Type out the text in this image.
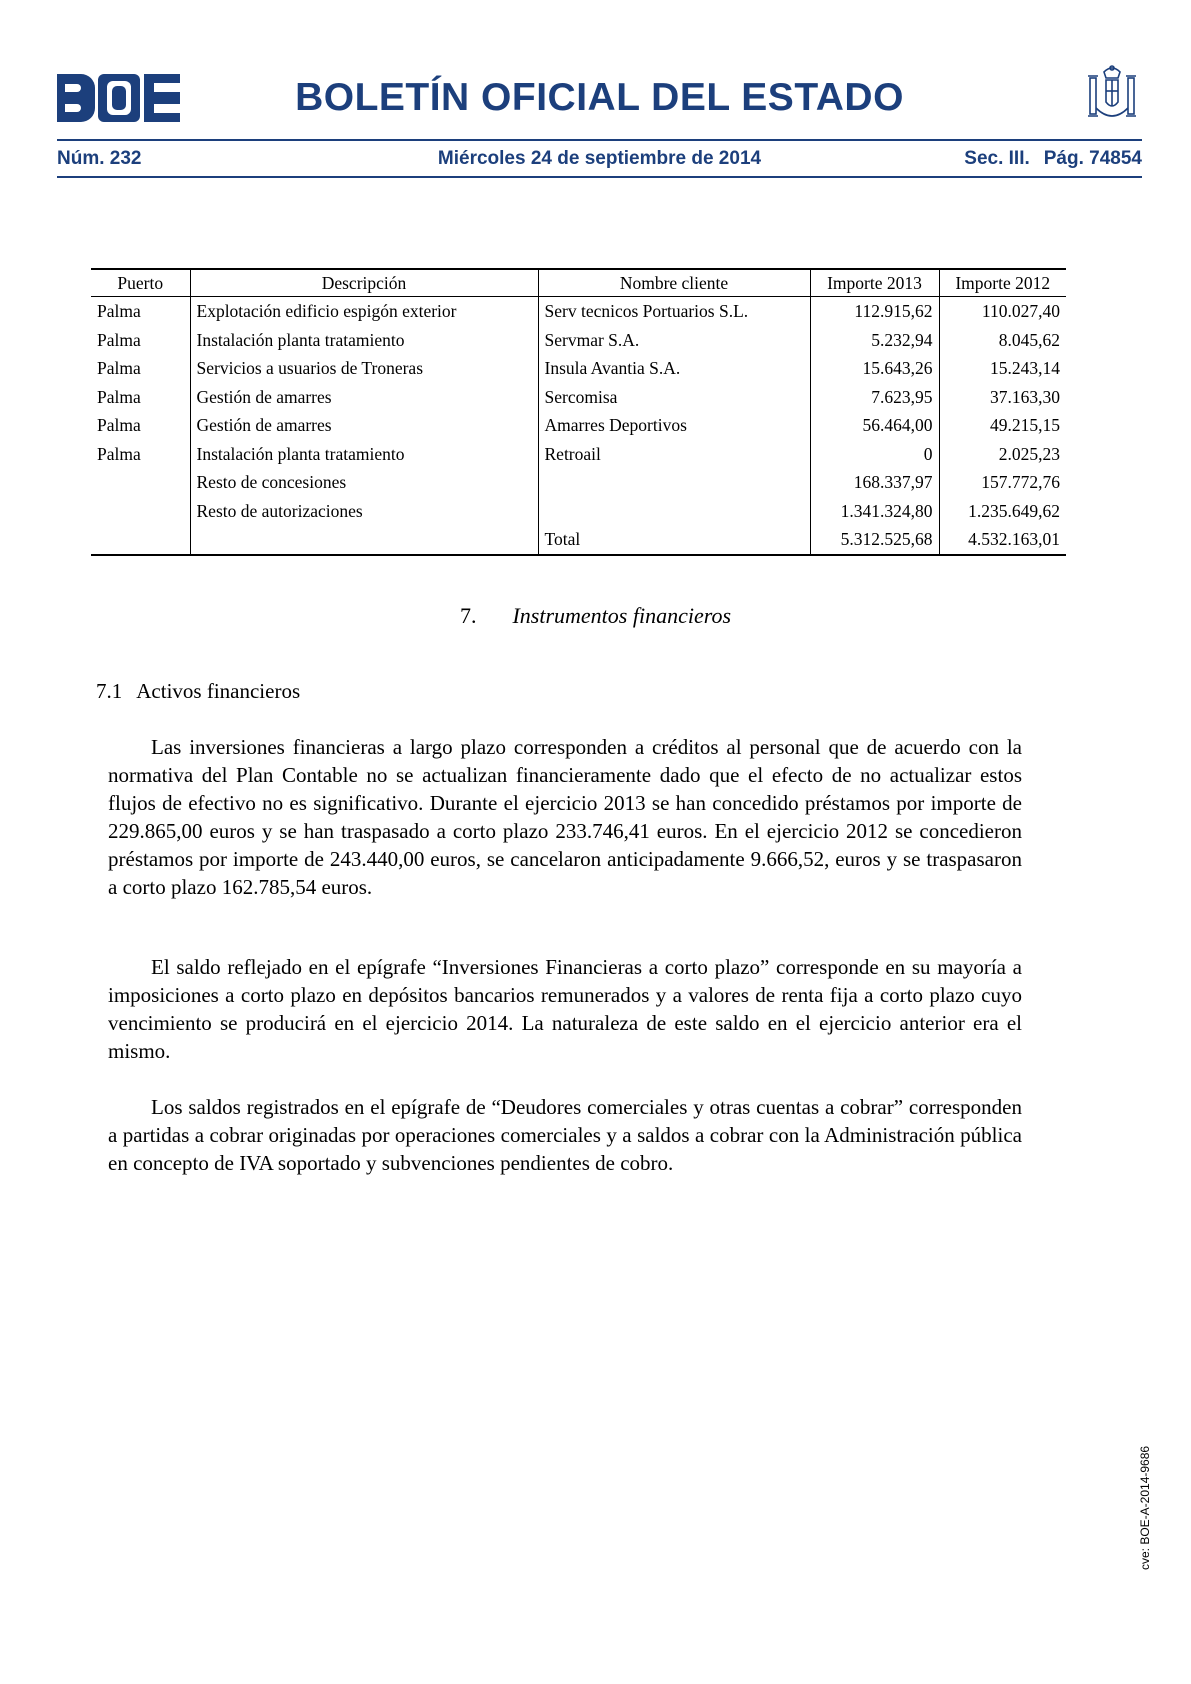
BOLETÍN OFICIAL DEL ESTADO
Núm. 232	Miércoles 24 de septiembre de 2014	Sec. III. Pág. 74854
Puerto	Descripción	Nombre cliente	Importe 2013	Importe 2012
Palma	Explotación edificio espigón exterior	Serv tecnicos Portuarios S.L.	112.915,62	110.027,40
Palma	Instalación planta tratamiento	Servmar S.A.	5.232,94	8.045,62
Palma	Servicios a usuarios de Troneras	Insula Avantia S.A.	15.643,26	15.243,14
Palma	Gestión de amarres	Sercomisa	7.623,95	37.163,30
Palma	Gestión de amarres	Amarres Deportivos	56.464,00	49.215,15
Palma	Instalación planta tratamiento	Retroail	0	2.025,23
	Resto de concesiones		168.337,97	157.772,76
	Resto de autorizaciones		1.341.324,80	1.235.649,62
		Total	5.312.525,68	4.532.163,01
7. Instrumentos financieros
7.1 Activos financieros

Las inversiones financieras a largo plazo corresponden a créditos al personal que de acuerdo con la normativa del Plan Contable no se actualizan financieramente dado que el efecto de no actualizar estos flujos de efectivo no es significativo. Durante el ejercicio 2013 se han concedido préstamos por importe de 229.865,00 euros y se han traspasado a corto plazo 233.746,41 euros. En el ejercicio 2012 se concedieron préstamos por importe de 243.440,00 euros, se cancelaron anticipadamente 9.666,52, euros y se traspasaron a corto plazo 162.785,54 euros.

El saldo reflejado en el epígrafe “Inversiones Financieras a corto plazo” corresponde en su mayoría a imposiciones a corto plazo en depósitos bancarios remunerados y a valores de renta fija a corto plazo cuyo vencimiento se producirá en el ejercicio 2014. La naturaleza de este saldo en el ejercicio anterior era el mismo.

Los saldos registrados en el epígrafe de “Deudores comerciales y otras cuentas a cobrar” corresponden a partidas a cobrar originadas por operaciones comerciales y a saldos a cobrar con la Administración pública en concepto de IVA soportado y subvenciones pendientes de cobro.

cve: BOE-A-2014-9686
